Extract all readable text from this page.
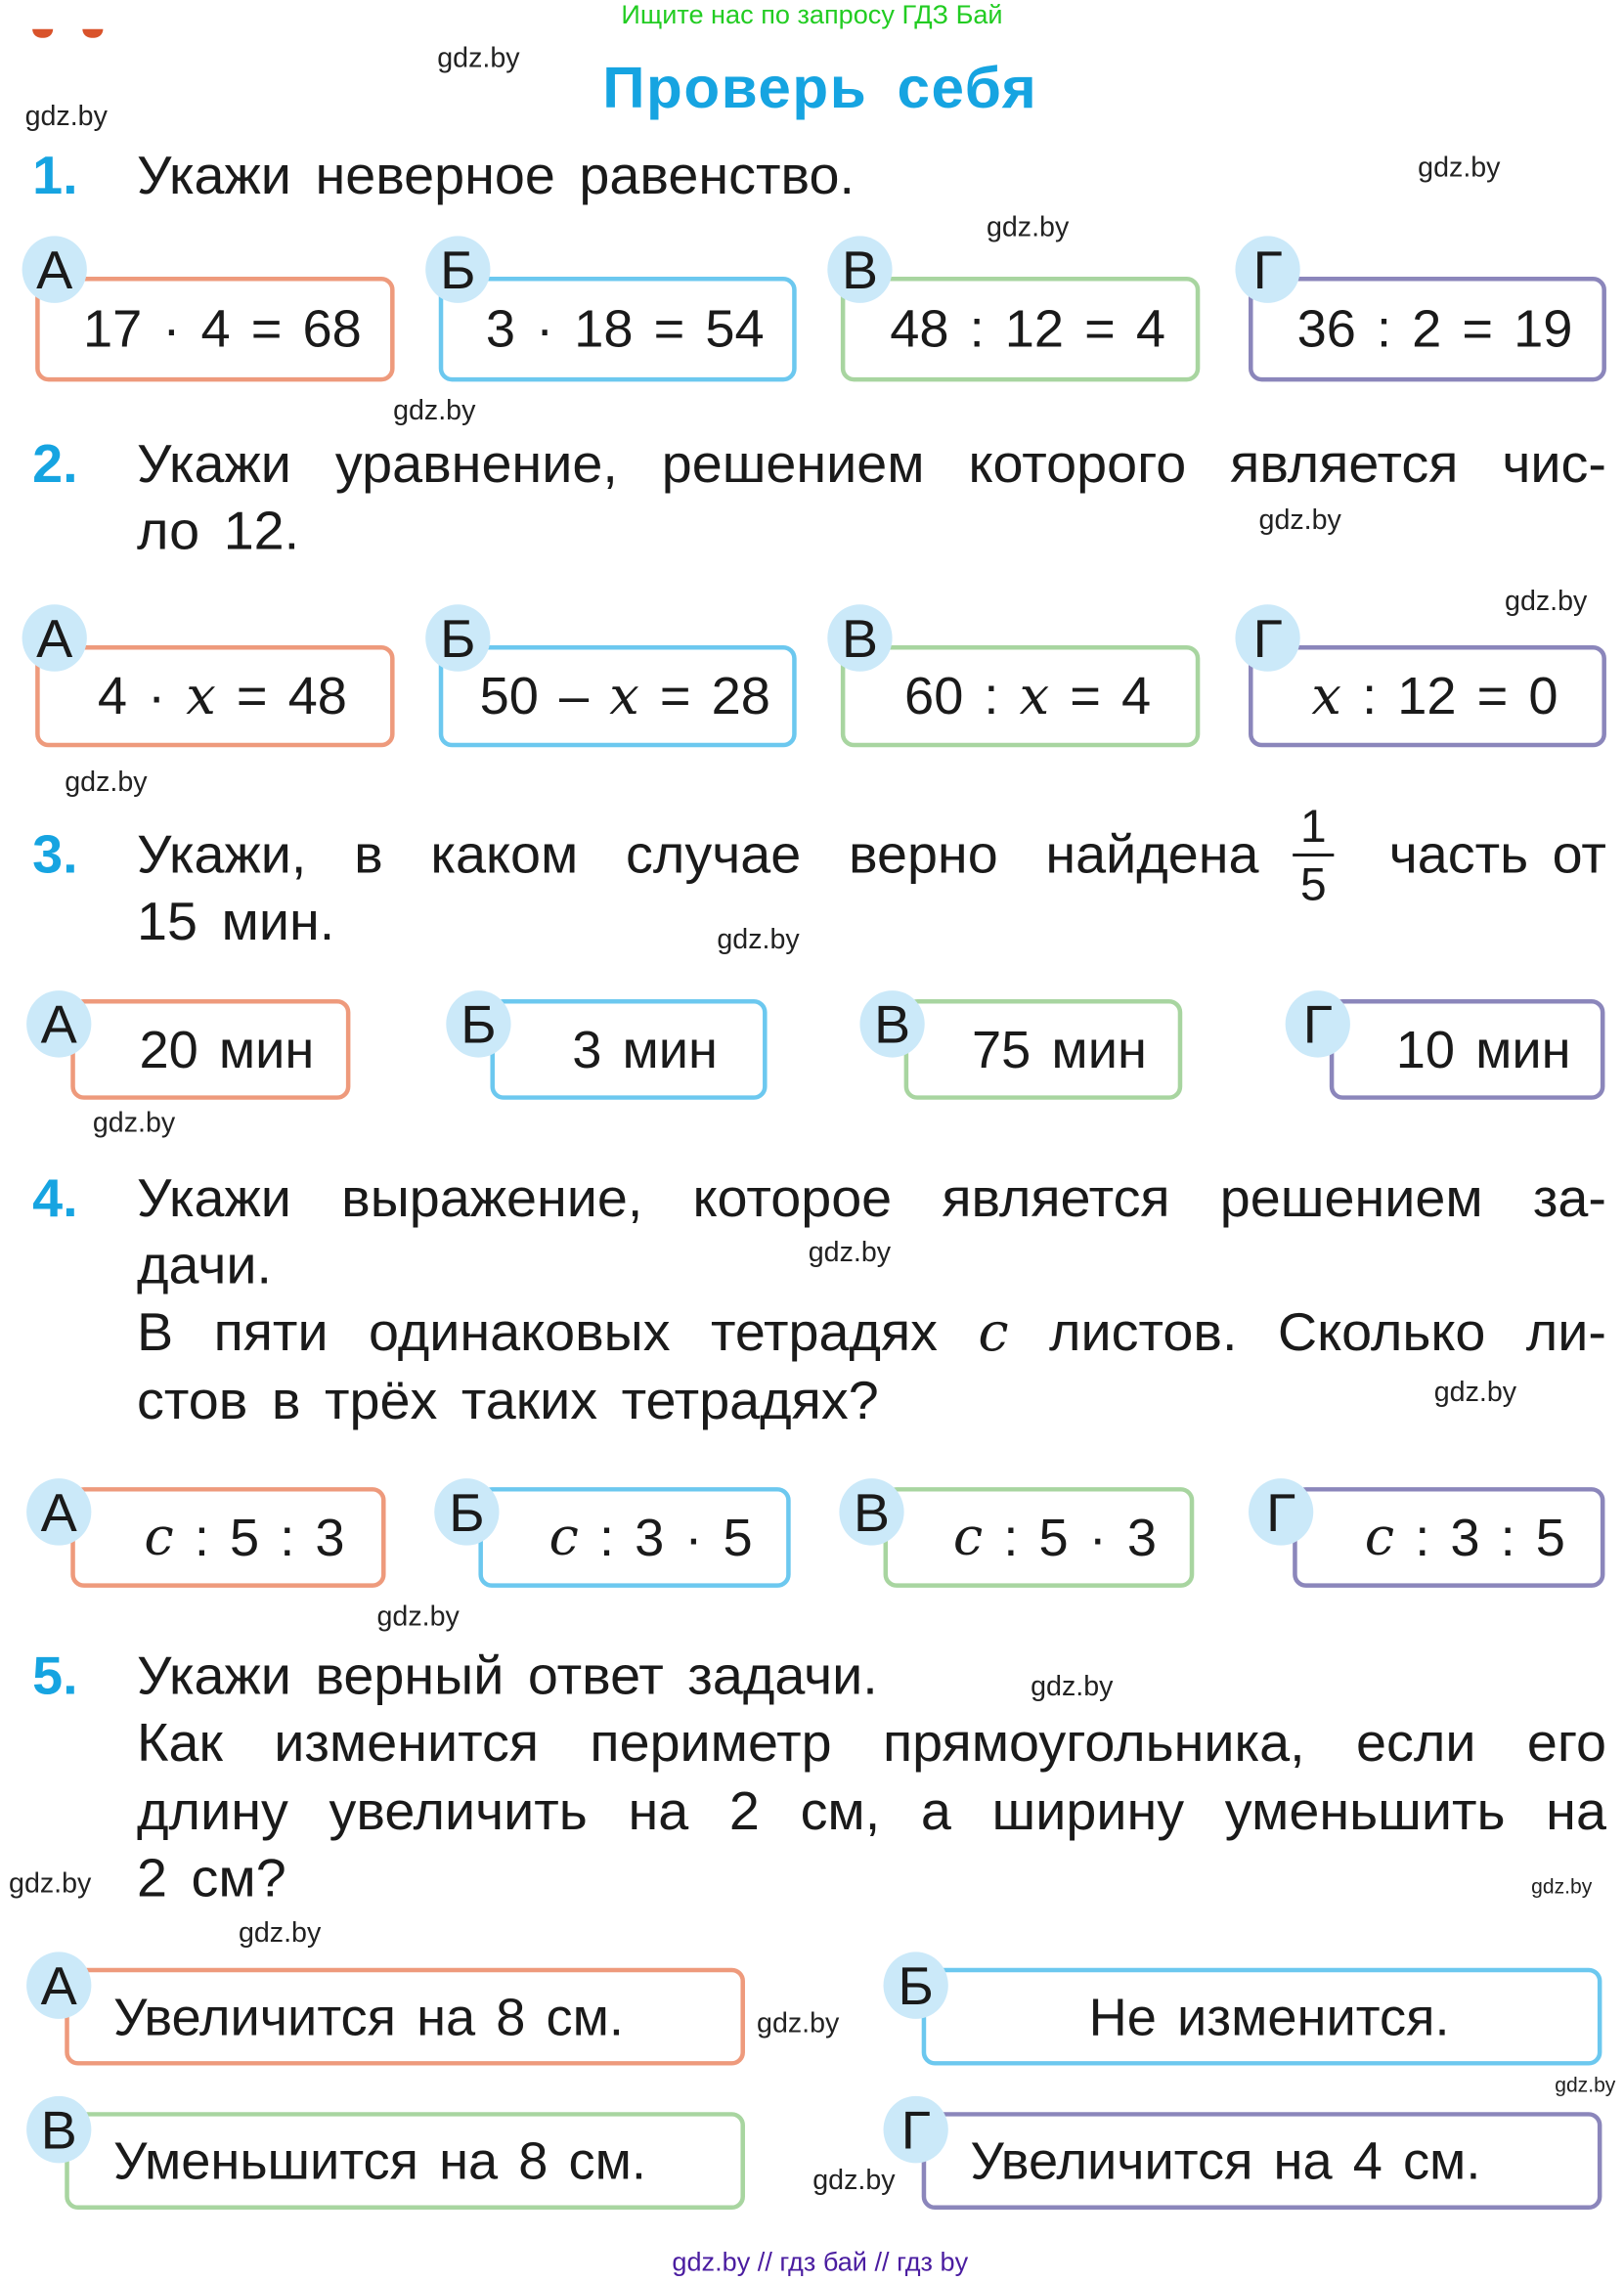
Ищите нас по запросу ГДЗ Бай
Проверь себя
gdz.by
gdz.by
gdz.by
gdz.by
gdz.by
gdz.by
gdz.by
gdz.by
gdz.by
gdz.by
gdz.by
gdz.by
gdz.by
gdz.by
gdz.by
gdz.by
gdz.by
gdz.by
gdz.by
gdz.by
1. Укажи неверное равенство.
17 · 4 = 68
А
3 · 18 = 54
Б
48 : 12 = 4
В
36 : 2 = 19
Г
2. Укажи уравнение, решением которого является чис-
ло 12.
4 · x = 48
А
50 – x = 28
Б
60 : x = 4
В
x : 12 = 0
Г
3. Укажи, в каком случае верно найдена	часть от
1
5
15 мин.
20 мин
А	3 мин
Б	75 мин
В	10 мин
Г
4. Укажи выражение, которое является решением за-
дачи.
В пяти одинаковых тетрадях c листов. Сколько ли-
стов в трёх таких тетрадях?
c : 5 : 3
А	c : 3 · 5
Б	c : 5 · 3
В	c : 3 : 5
Г
5. Укажи верный ответ задачи.
Как изменится периметр прямоугольника, если его
длину увеличить на 2 см, а ширину уменьшить на
2 см?
Увеличится на 8 см.
А
Не изменится.
Б
Уменьшится на 8 см.
В
Увеличится на 4 см.
Г
gdz.by // гдз бай // гдз by
